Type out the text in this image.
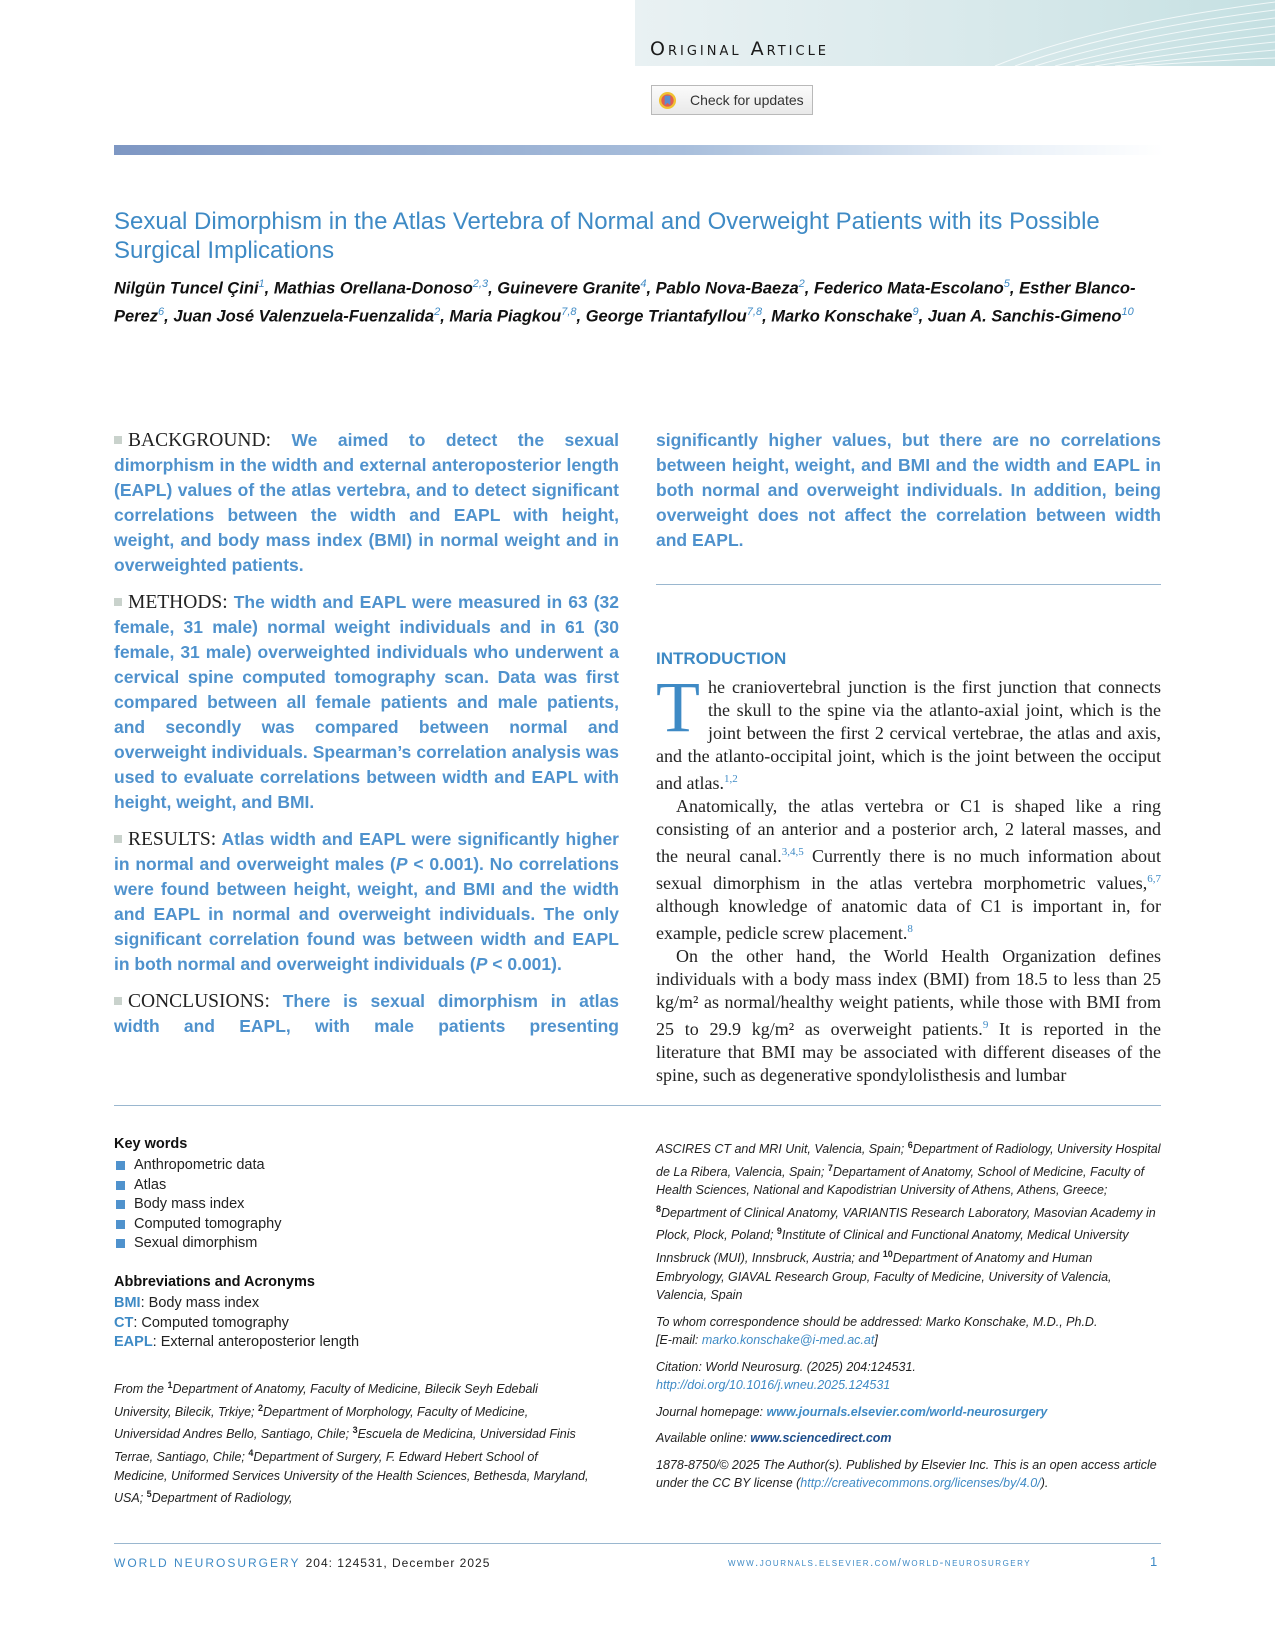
Original Article
Check for updates
Sexual Dimorphism in the Atlas Vertebra of Normal and Overweight Patients with its Possible Surgical Implications
Nilgün Tuncel Çini$^1$, Mathias Orellana-Donoso$^{2,3}$, Guinevere Granite$^4$, Pablo Nova-Baeza$^2$, Federico Mata-Escolano$^5$, Esther Blanco-Perez$^6$, Juan José Valenzuela-Fuenzalida$^2$, Maria Piagkou$^{7,8}$, George Triantafyllou$^{7,8}$, Marko Konschake$^9$, Juan A. Sanchis-Gimeno$^{10}$

BACKGROUND: We aimed to detect the sexual dimorphism in the width and external anteroposterior length (EAPL) values of the atlas vertebra, and to detect significant correlations between the width and EAPL with height, weight, and body mass index (BMI) in normal weight and in overweighted patients.

METHODS: The width and EAPL were measured in 63 (32 female, 31 male) normal weight individuals and in 61 (30 female, 31 male) overweighted individuals who underwent a cervical spine computed tomography scan. Data was first compared between all female patients and male patients, and secondly was compared between normal and overweight individuals. Spearman’s correlation analysis was used to evaluate correlations between width and EAPL with height, weight, and BMI.

RESULTS: Atlas width and EAPL were significantly higher in normal and overweight males (P < 0.001). No correlations were found between height, weight, and BMI and the width and EAPL in normal and overweight individuals. The only significant correlation found was between width and EAPL in both normal and overweight individuals (P < 0.001).

CONCLUSIONS: There is sexual dimorphism in atlas width and EAPL, with male patients presenting

significantly higher values, but there are no correlations between height, weight, and BMI and the width and EAPL in both normal and overweight individuals. In addition, being overweight does not affect the correlation between width and EAPL.

INTRODUCTION

The craniovertebral junction is the first junction that connects the skull to the spine via the atlanto-axial joint, which is the joint between the first 2 cervical vertebrae, the atlas and axis, and the atlanto-occipital joint, which is the joint between the occiput and atlas.$^{1,2}$

Anatomically, the atlas vertebra or C1 is shaped like a ring consisting of an anterior and a posterior arch, 2 lateral masses, and the neural canal.$^{3,4,5}$ Currently there is no much information about sexual dimorphism in the atlas vertebra morphometric values,$^{6,7}$ although knowledge of anatomic data of C1 is important in, for example, pedicle screw placement.$^8$

On the other hand, the World Health Organization defines individuals with a body mass index (BMI) from 18.5 to less than 25 kg/m² as normal/healthy weight patients, while those with BMI from 25 to 29.9 kg/m² as overweight patients.$^9$ It is reported in the literature that BMI may be associated with different diseases of the spine, such as degenerative spondylolisthesis and lumbar

Key words
Anthropometric data
Atlas
Body mass index
Computed tomography
Sexual dimorphism
Abbreviations and Acronyms
BMI: Body mass index
CT: Computed tomography
EAPL: External anteroposterior length
From the $^1$Department of Anatomy, Faculty of Medicine, Bilecik Seyh Edebali University, Bilecik, Trkiye; $^2$Department of Morphology, Faculty of Medicine, Universidad Andres Bello, Santiago, Chile; $^3$Escuela de Medicina, Universidad Finis Terrae, Santiago, Chile; $^4$Department of Surgery, F. Edward Hebert School of Medicine, Uniformed Services University of the Health Sciences, Bethesda, Maryland, USA; $^5$Department of Radiology,
ASCIRES CT and MRI Unit, Valencia, Spain; $^6$Department of Radiology, University Hospital de La Ribera, Valencia, Spain; $^7$Departament of Anatomy, School of Medicine, Faculty of Health Sciences, National and Kapodistrian University of Athens, Athens, Greece; $^8$Department of Clinical Anatomy, VARIANTIS Research Laboratory, Masovian Academy in Plock, Plock, Poland; $^9$Institute of Clinical and Functional Anatomy, Medical University Innsbruck (MUI), Innsbruck, Austria; and $^{10}$Department of Anatomy and Human Embryology, GIAVAL Research Group, Faculty of Medicine, University of Valencia, Valencia, Spain
To whom correspondence should be addressed: Marko Konschake, M.D., Ph.D.
[E-mail: marko.konschake@i-med.ac.at]
Citation: World Neurosurg. (2025) 204:124531.
http://doi.org/10.1016/j.wneu.2025.124531
Journal homepage: www.journals.elsevier.com/world-neurosurgery
Available online: www.sciencedirect.com
1878-8750/© 2025 The Author(s). Published by Elsevier Inc. This is an open access article under the CC BY license (http://creativecommons.org/licenses/by/4.0/).
WORLD NEUROSURGERY 204: 124531, December 2025	www.journals.elsevier.com/world-neurosurgery	1
